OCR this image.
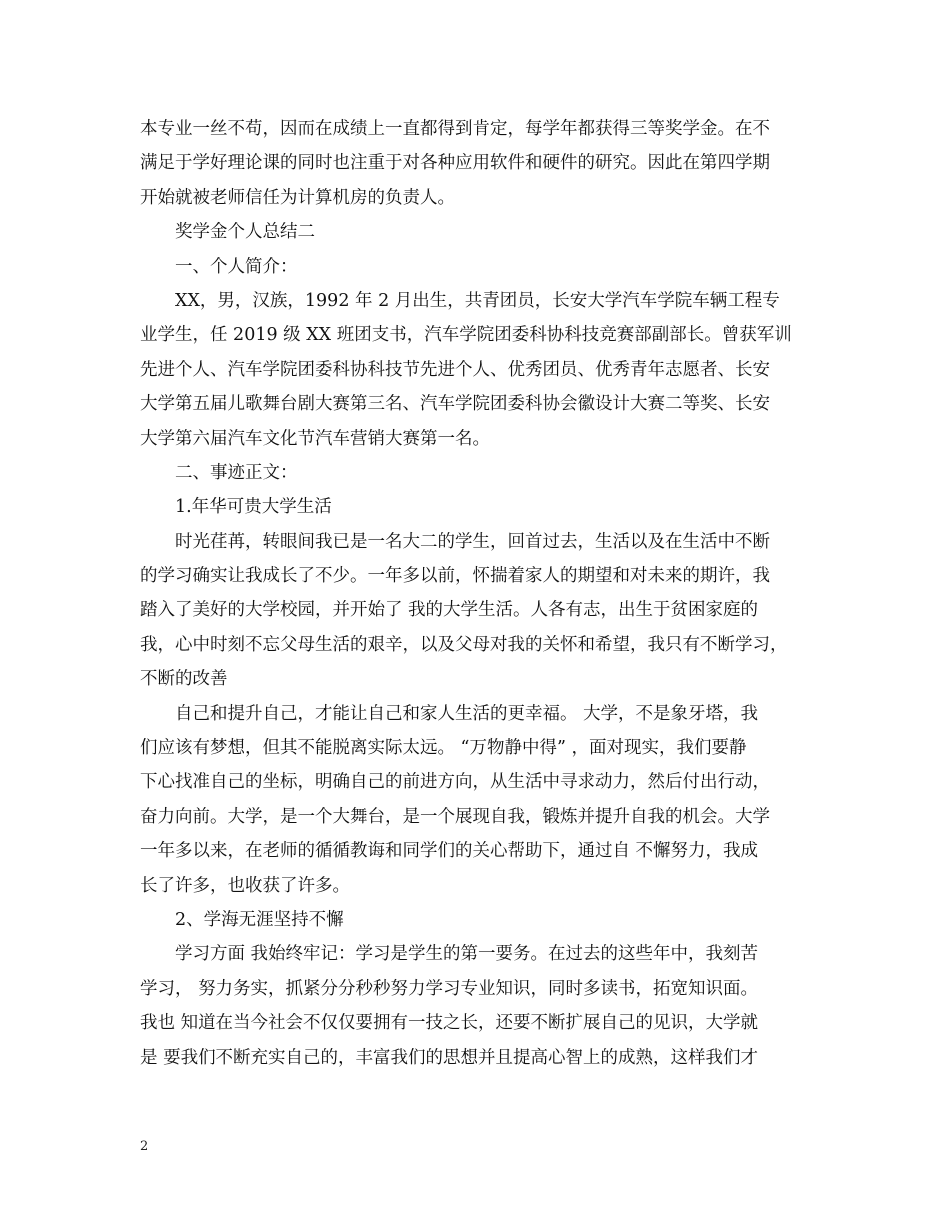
本专业一丝不苟，因而在成绩上一直都得到肯定，每学年都获得三等奖学金。在不
满足于学好理论课的同时也注重于对各种应用软件和硬件的研究。因此在第四学期
开始就被老师信任为计算机房的负责人。
奖学金个人总结二
一、个人简介：
XX，男，汉族，1992 年 2 月出生，共青团员，长安大学汽车学院车辆工程专
业学生，任 2019 级 XX 班团支书，汽车学院团委科协科技竞赛部副部长。曾获军训
先进个人、汽车学院团委科协科技节先进个人、优秀团员、优秀青年志愿者、长安
大学第五届儿歌舞台剧大赛第三名、汽车学院团委科协会徽设计大赛二等奖、长安
大学第六届汽车文化节汽车营销大赛第一名。
二、事迹正文：
1.年华可贵大学生活
时光荏苒，转眼间我已是一名大二的学生，回首过去，生活以及在生活中不断
的学习确实让我成长了不少。一年多以前，怀揣着家人的期望和对未来的期许，我
踏入了美好的大学校园，并开始了 我的大学生活。人各有志，出生于贫困家庭的
我，心中时刻不忘父母生活的艰辛，以及父母对我的关怀和希望，我只有不断学习，
不断的改善
自己和提升自己，才能让自己和家人生活的更幸福。 大学，不是象牙塔，我
们应该有梦想，但其不能脱离实际太远。 “万物静中得” ，面对现实，我们要静
下心找准自己的坐标，明确自己的前进方向，从生活中寻求动力，然后付出行动，
奋力向前。大学，是一个大舞台，是一个展现自我，锻炼并提升自我的机会。大学
一年多以来，在老师的循循教诲和同学们的关心帮助下，通过自 不懈努力，我成
长了许多，也收获了许多。
2、学海无涯坚持不懈
学习方面 我始终牢记：学习是学生的第一要务。在过去的这些年中，我刻苦
学习， 努力务实，抓紧分分秒秒努力学习专业知识，同时多读书，拓宽知识面。
我也 知道在当今社会不仅仅要拥有一技之长，还要不断扩展自己的见识，大学就
是 要我们不断充实自己的，丰富我们的思想并且提高心智上的成熟，这样我们才
2
